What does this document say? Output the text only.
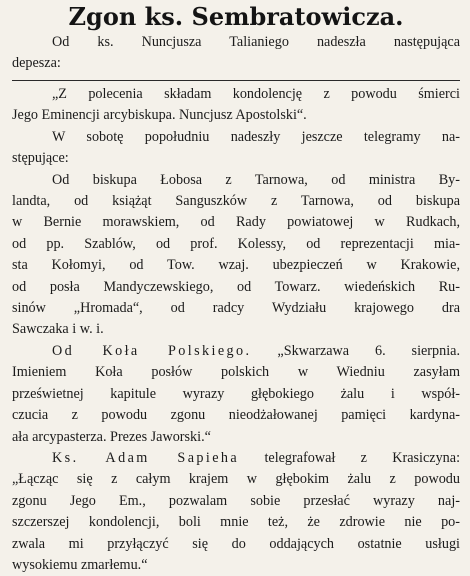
Zgon ks. Sembratowicza.
Od ks. Nuncjusza Talianiego nadeszła następująca
depesza:
„Z polecenia składam kondolencję z powodu śmierci
Jego Eminencji arcybiskupa. Nuncjusz Apostolski“.
W sobotę popołudniu nadeszły jeszcze telegramy na-
stępujące:
Od biskupa Łobosa z Tarnowa, od ministra By-
landta, od książąt Sanguszków z Tarnowa, od biskupa
w Bernie morawskiem, od Rady powiatowej w Rudkach,
od pp. Szablów, od prof. Kolessy, od reprezentacji mia-
sta Kołomyi, od Tow. wzaj. ubezpieczeń w Krakowie,
od posła Mandyczewskiego, od Towarz. wiedeńskich Ru-
sinów „Hromada“, od radcy Wydziału krajowego dra
Sawczaka i w. i.
Od Koła Polskiego. „Skwarzawa 6. sierpnia.
Imieniem Koła posłów polskich w Wiedniu zasyłam
prześwietnej kapitule wyrazy głębokiego żalu i współ-
czucia z powodu zgonu nieodżałowanej pamięci kardyna-
ała arcypasterza. Prezes Jaworski.“
Ks. Adam Sapieha telegrafował z Krasiczyna:
„Łącząc się z całym krajem w głębokim żalu z powodu
zgonu Jego Em., pozwalam sobie przesłać wyrazy naj-
szczerszej kondolencji, boli mnie też, że zdrowie nie po-
zwala mi przyłączyć się do oddających ostatnie usługi
wysokiemu zmarłemu.“
